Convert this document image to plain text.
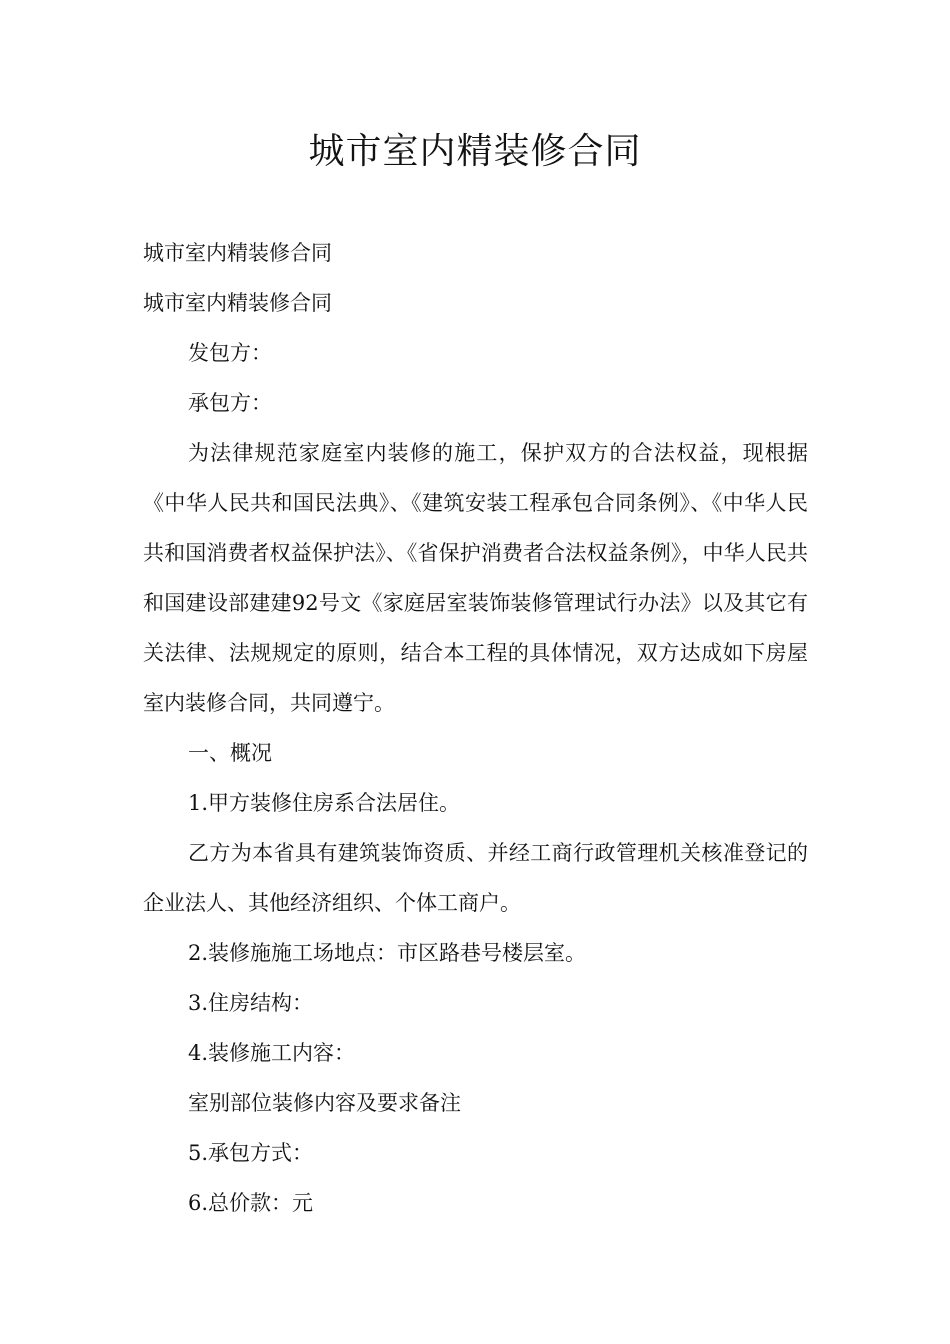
城市室内精装修合同

城市室内精装修合同

城市室内精装修合同

发包方：

承包方：

为法律规范家庭室内装修的施工，保护双方的合法权益，现根据《中华人民共和国民法典》、《建筑安装工程承包合同条例》、《中华人民共和国消费者权益保护法》、《省保护消费者合法权益条例》，中华人民共和国建设部建建92号文《家庭居室装饰装修管理试行办法》以及其它有关法律、法规规定的原则，结合本工程的具体情况，双方达成如下房屋室内装修合同，共同遵宁。

一、概况

1.甲方装修住房系合法居住。

乙方为本省具有建筑装饰资质、并经工商行政管理机关核准登记的企业法人、其他经济组织、个体工商户。

2.装修施施工场地点：市区路巷号楼层室。

3.住房结构：

4.装修施工内容：

室别部位装修内容及要求备注

5.承包方式：

6.总价款：元
